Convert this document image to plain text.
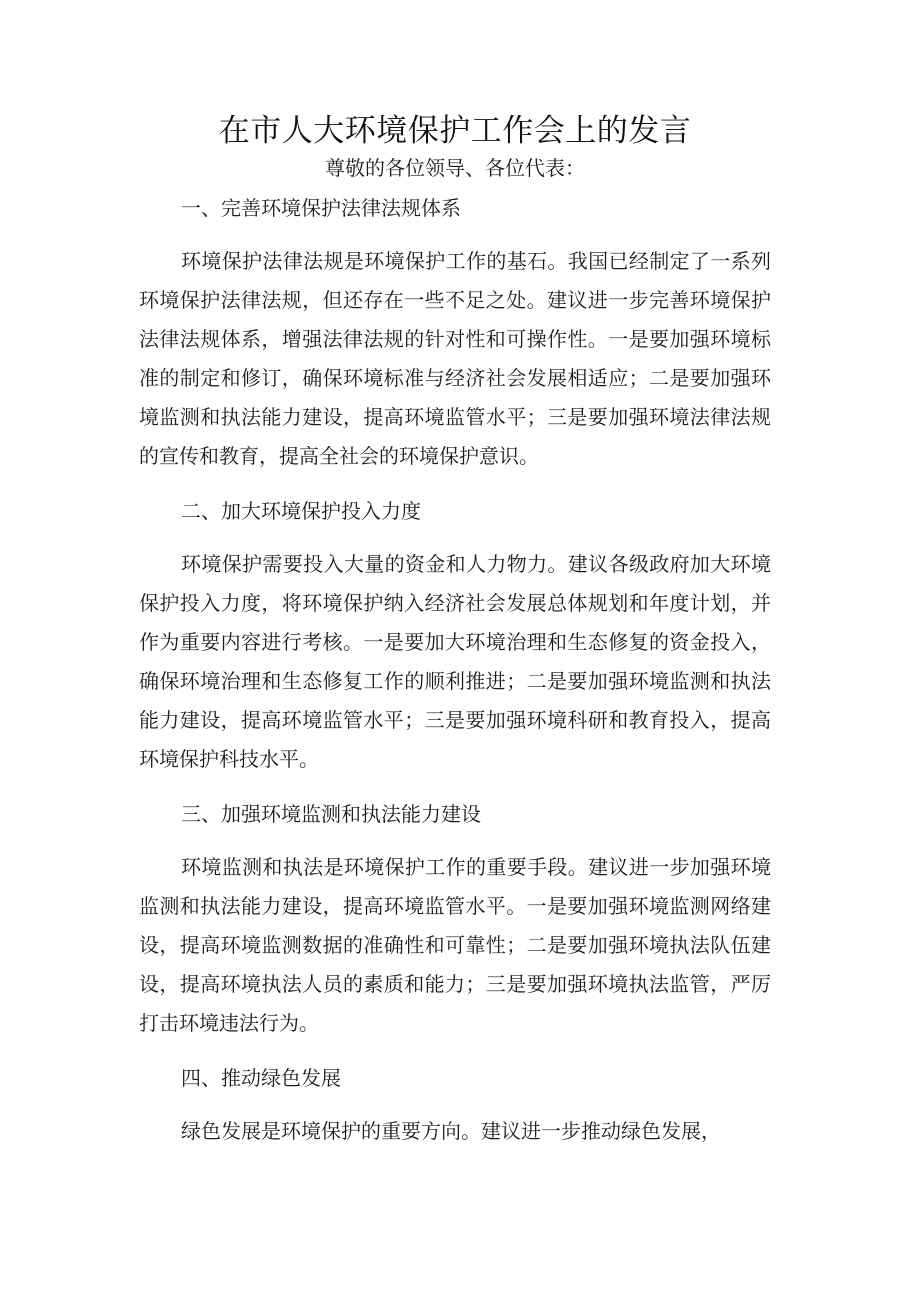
在市人大环境保护工作会上的发言

尊敬的各位领导、各位代表：

一、完善环境保护法律法规体系

环境保护法律法规是环境保护工作的基石。我国已经制定了一系列环境保护法律法规，但还存在一些不足之处。建议进一步完善环境保护法律法规体系，增强法律法规的针对性和可操作性。一是要加强环境标准的制定和修订，确保环境标准与经济社会发展相适应；二是要加强环境监测和执法能力建设，提高环境监管水平；三是要加强环境法律法规的宣传和教育，提高全社会的环境保护意识。

二、加大环境保护投入力度

环境保护需要投入大量的资金和人力物力。建议各级政府加大环境保护投入力度，将环境保护纳入经济社会发展总体规划和年度计划，并作为重要内容进行考核。一是要加大环境治理和生态修复的资金投入，确保环境治理和生态修复工作的顺利推进；二是要加强环境监测和执法能力建设，提高环境监管水平；三是要加强环境科研和教育投入，提高环境保护科技水平。

三、加强环境监测和执法能力建设

环境监测和执法是环境保护工作的重要手段。建议进一步加强环境监测和执法能力建设，提高环境监管水平。一是要加强环境监测网络建设，提高环境监测数据的准确性和可靠性；二是要加强环境执法队伍建设，提高环境执法人员的素质和能力；三是要加强环境执法监管，严厉打击环境违法行为。

四、推动绿色发展

绿色发展是环境保护的重要方向。建议进一步推动绿色发展，
